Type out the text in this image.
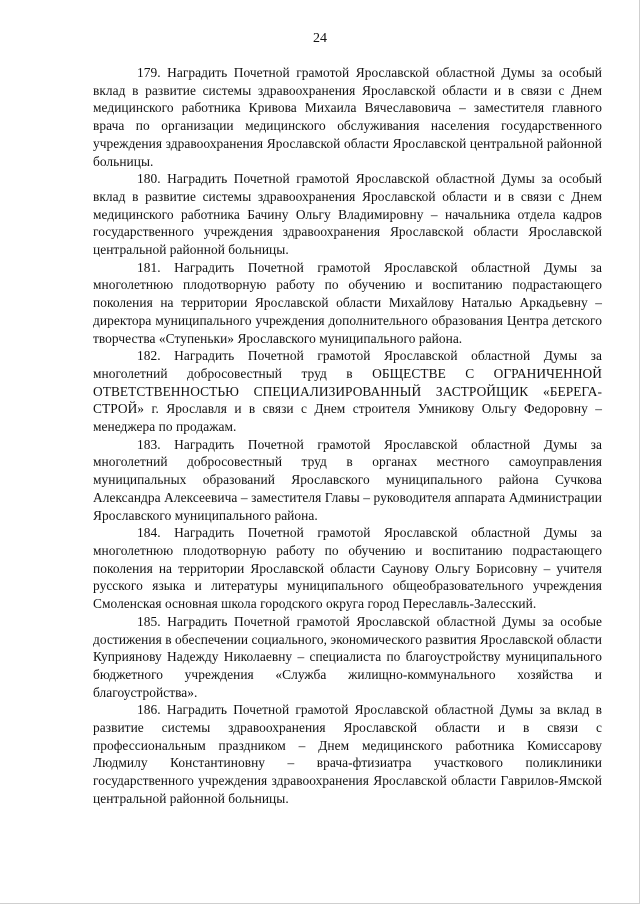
24

179. Наградить Почетной грамотой Ярославской областной Думы за особый вклад в развитие системы здравоохранения Ярославской области и в связи с Днем медицинского работника Кривова Михаила Вячеславовича – заместителя главного врача по организации медицинского обслуживания населения государственного учреждения здравоохранения Ярославской области Ярославской центральной районной больницы.

180. Наградить Почетной грамотой Ярославской областной Думы за особый вклад в развитие системы здравоохранения Ярославской области и в связи с Днем медицинского работника Бачину Ольгу Владимировну – начальника отдела кадров государственного учреждения здравоохранения Ярославской области Ярославской центральной районной больницы.

181. Наградить Почетной грамотой Ярославской областной Думы за многолетнюю плодотворную работу по обучению и воспитанию подрастающего поколения на территории Ярославской области Михайлову Наталью Аркадьевну – директора муниципального учреждения дополнительного образования Центра детского творчества «Ступеньки» Ярославского муниципального района.

182. Наградить Почетной грамотой Ярославской областной Думы за многолетний добросовестный труд в ОБЩЕСТВЕ С ОГРАНИЧЕННОЙ ОТВЕТСТВЕННОСТЬЮ СПЕЦИАЛИЗИРОВАННЫЙ ЗАСТРОЙЩИК «БЕРЕГА-СТРОЙ» г. Ярославля и в связи с Днем строителя Умникову Ольгу Федоровну – менеджера по продажам.

183. Наградить Почетной грамотой Ярославской областной Думы за многолетний добросовестный труд в органах местного самоуправления муниципальных образований Ярославского муниципального района Сучкова Александра Алексеевича – заместителя Главы – руководителя аппарата Администрации Ярославского муниципального района.

184. Наградить Почетной грамотой Ярославской областной Думы за многолетнюю плодотворную работу по обучению и воспитанию подрастающего поколения на территории Ярославской области Саунову Ольгу Борисовну – учителя русского языка и литературы муниципального общеобразовательного учреждения Смоленская основная школа городского округа город Переславль-Залесский.

185. Наградить Почетной грамотой Ярославской областной Думы за особые достижения в обеспечении социального, экономического развития Ярославской области Куприянову Надежду Николаевну – специалиста по благоустройству муниципального бюджетного учреждения «Служба жилищно-коммунального хозяйства и благоустройства».

186. Наградить Почетной грамотой Ярославской областной Думы за вклад в развитие системы здравоохранения Ярославской области и в связи с профессиональным праздником – Днем медицинского работника Комиссарову Людмилу Константиновну – врача-фтизиатра участкового поликлиники государственного учреждения здравоохранения Ярославской области Гаврилов-Ямской центральной районной больницы.
